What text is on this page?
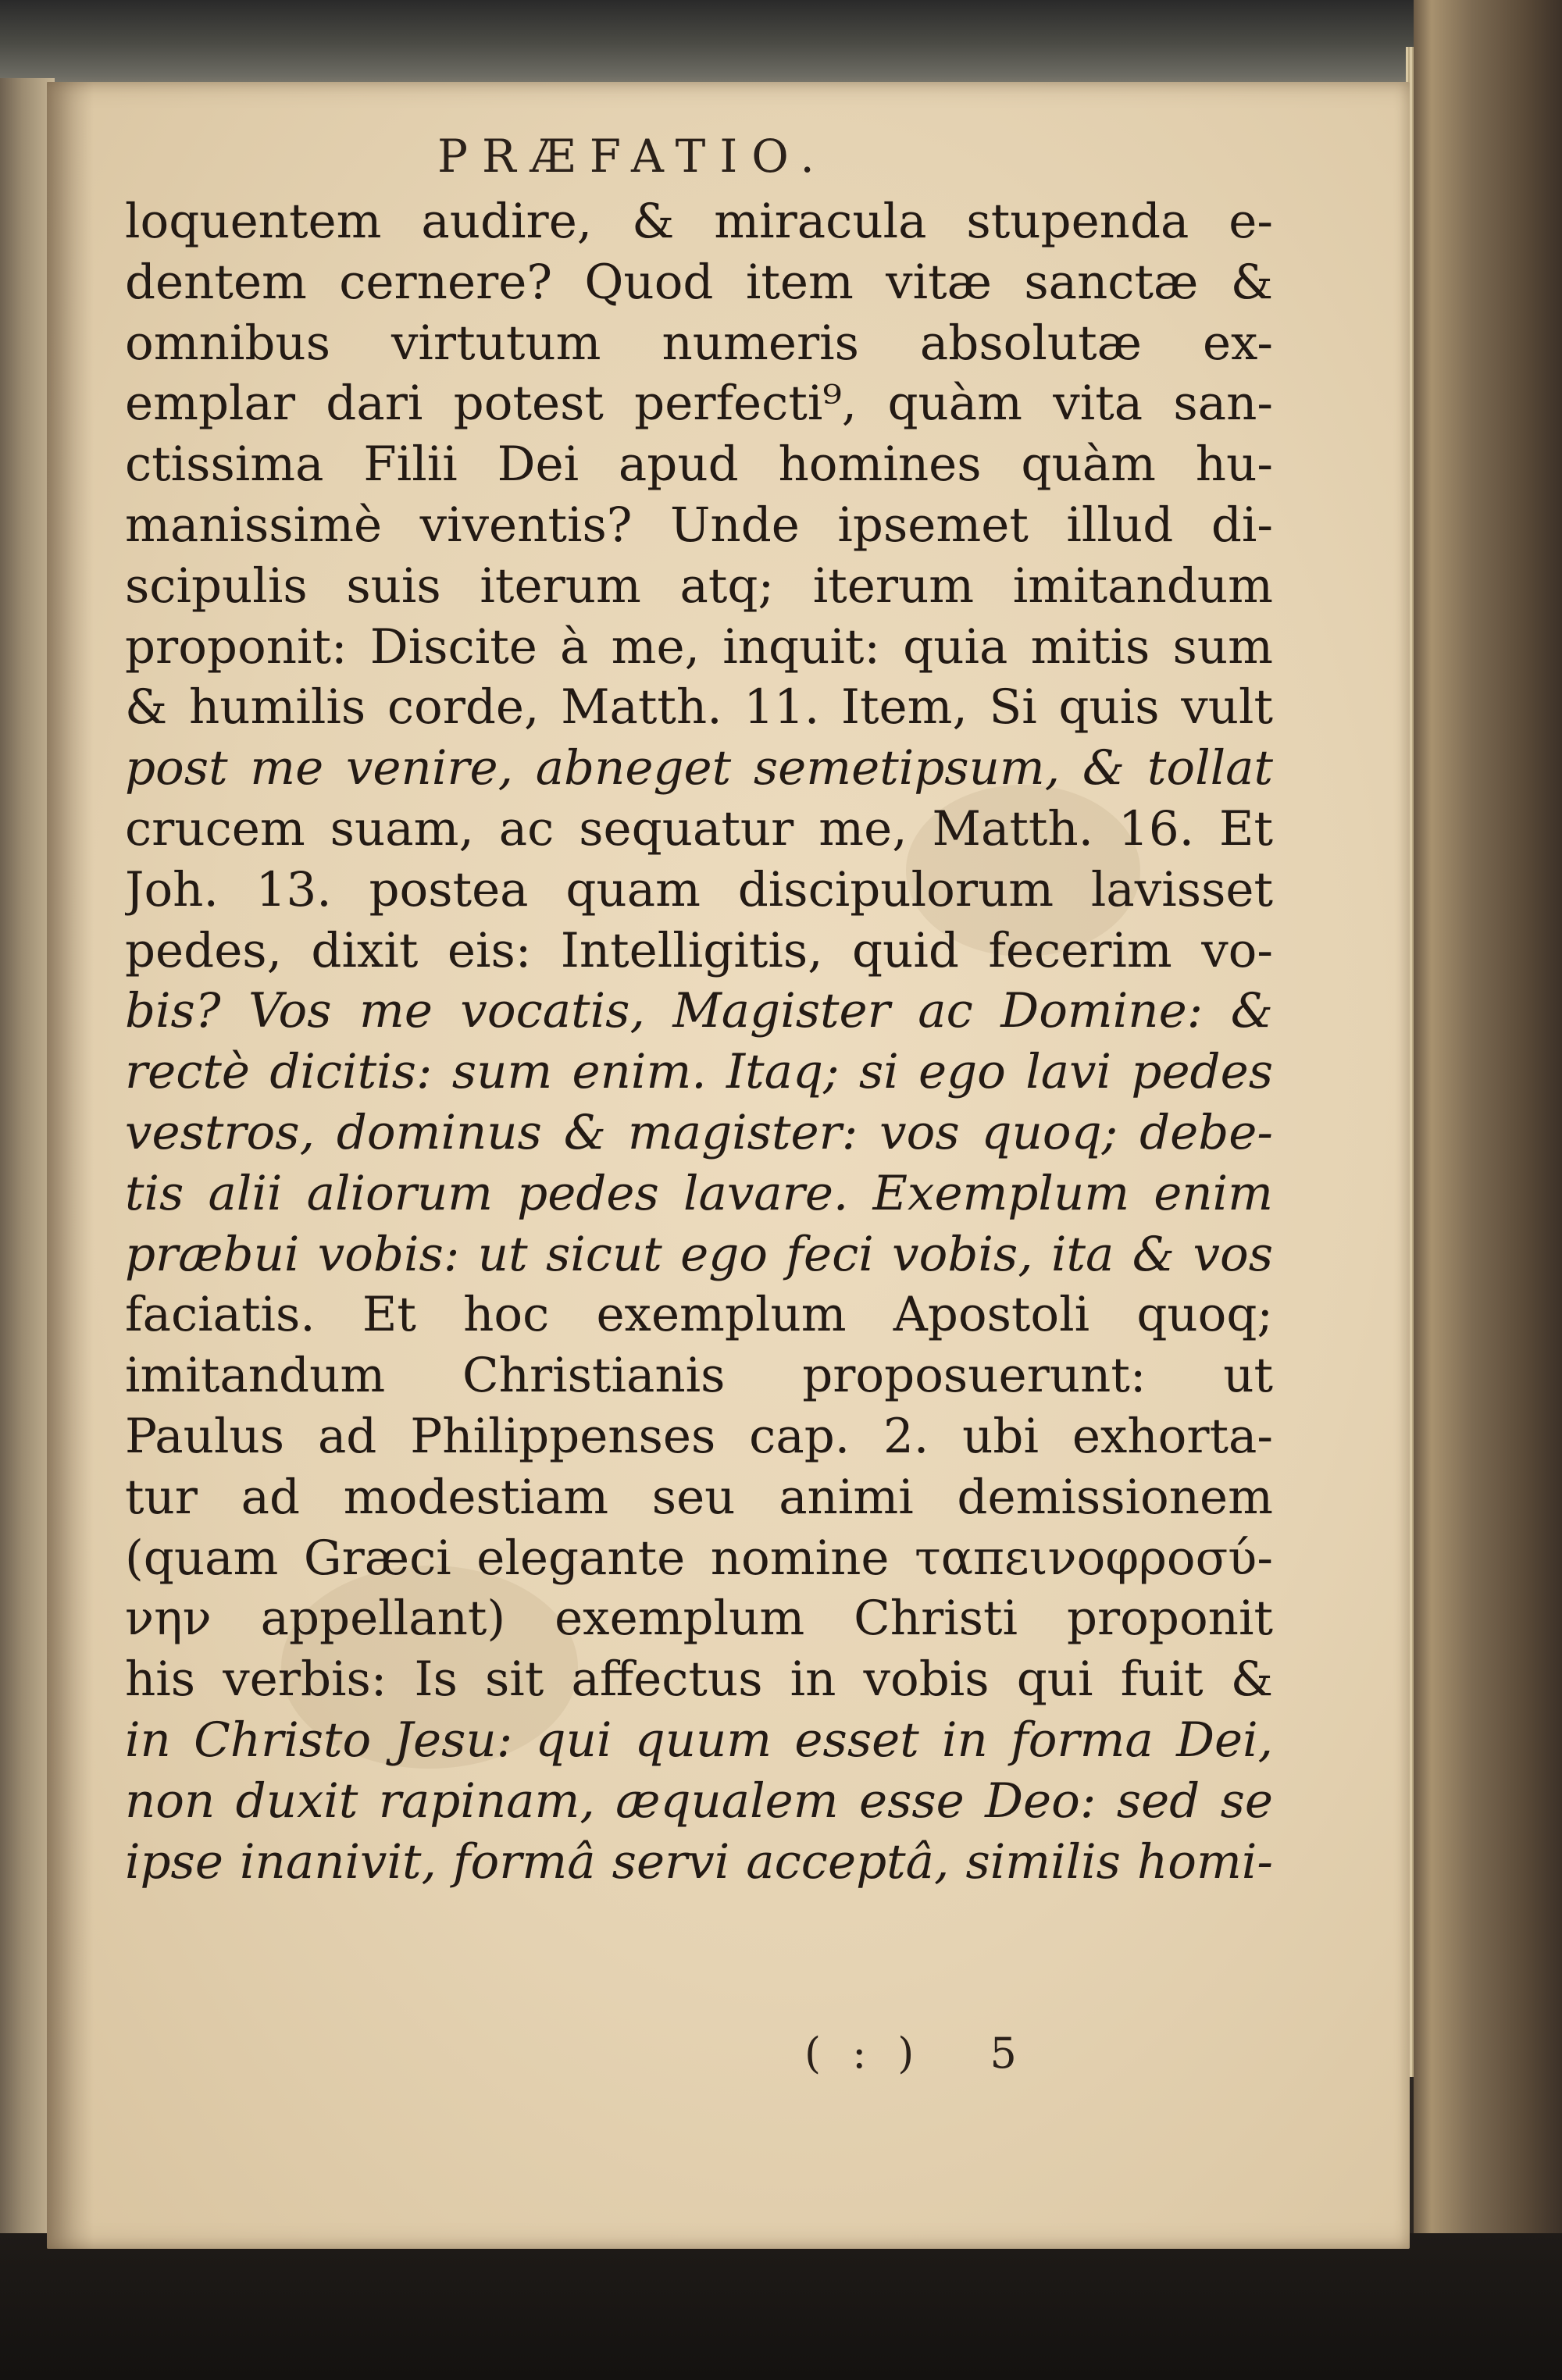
PRÆFATIO.
loquentem audire, & miracula stupenda e-
dentem cernere? Quod item vitæ sanctæ &
omnibus virtutum numeris absolutæ ex-
emplar dari potest perfecti⁹, quàm vita san-
ctissima Filii Dei apud homines quàm hu-
manissimè viventis? Unde ipsemet illud di-
scipulis suis iterum atq; iterum imitandum
proponit: Discite à me, inquit: quia mitis sum
& humilis corde, Matth. 11. Item, Si quis vult
post me venire, abneget semetipsum, & tollat
crucem suam, ac sequatur me, Matth. 16. Et
Joh. 13. postea quam discipulorum lavisset
pedes, dixit eis: Intelligitis, quid fecerim vo-
bis? Vos me vocatis, Magister ac Domine: &
rectè dicitis: sum enim. Itaq; si ego lavi pedes
vestros, dominus & magister: vos quoq; debe-
tis alii aliorum pedes lavare. Exemplum enim
præbui vobis: ut sicut ego feci vobis, ita & vos
faciatis. Et hoc exemplum Apostoli quoq;
imitandum Christianis proposuerunt: ut
Paulus ad Philippenses cap. 2. ubi exhorta-
tur ad modestiam seu animi demissionem
(quam Græci elegante nomine ταπεινοφροσύ-
νην appellant) exemplum Christi proponit
his verbis: Is sit affectus in vobis qui fuit &
in Christo Jesu: qui quum esset in forma Dei,
non duxit rapinam, æqualem esse Deo: sed se
ipse inanivit, formâ servi acceptâ, similis homi-
(:) 5
